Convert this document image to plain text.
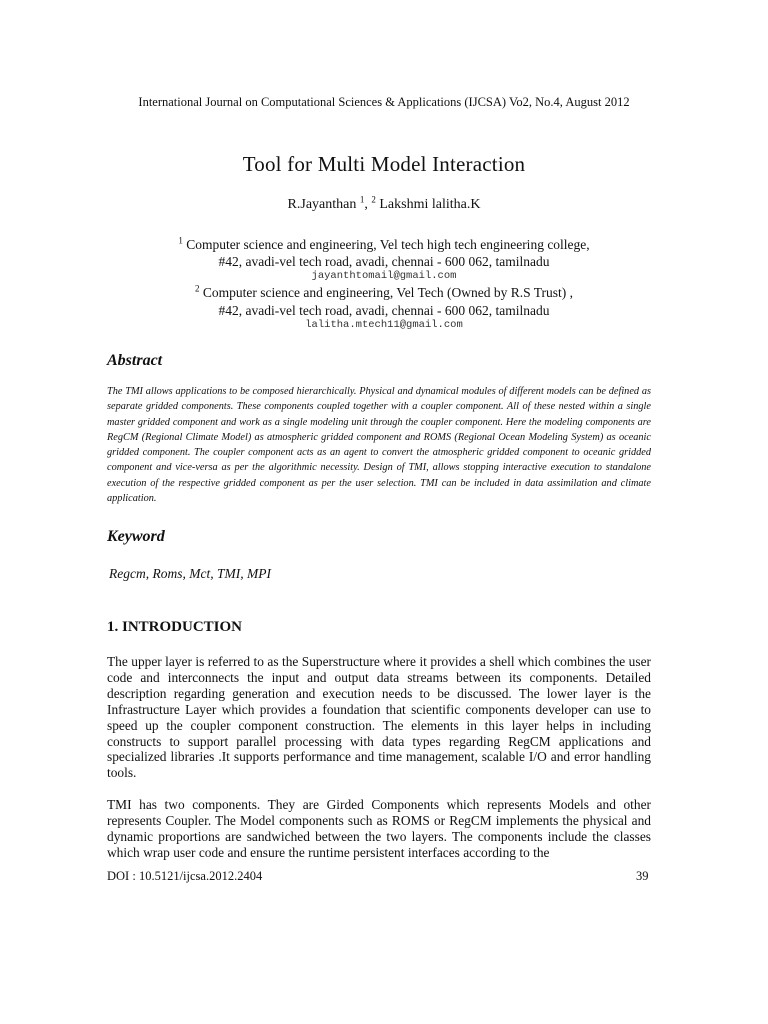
International Journal on Computational Sciences & Applications (IJCSA) Vo2, No.4, August 2012
Tool for Multi Model Interaction
R.Jayanthan $^1$, $^2$ Lakshmi lalitha.K
$^1$ Computer science and engineering, Vel tech high tech engineering college,
#42, avadi-vel tech road, avadi, chennai - 600 062, tamilnadu
jayanthtomail@gmail.com
$^2$ Computer science and engineering, Vel Tech (Owned by R.S Trust) ,
#42, avadi-vel tech road, avadi, chennai - 600 062, tamilnadu
lalitha.mtech11@gmail.com
Abstract
The TMI allows applications to be composed hierarchically. Physical and dynamical modules of different models can be defined as separate gridded components. These components coupled together with a coupler component. All of these nested within a single master gridded component and work as a single modeling unit through the coupler component. Here the modeling components are RegCM (Regional Climate Model) as atmospheric gridded component and ROMS (Regional Ocean Modeling System) as oceanic gridded component. The coupler component acts as an agent to convert the atmospheric gridded component to oceanic gridded component and vice-versa as per the algorithmic necessity. Design of TMI, allows stopping interactive execution to standalone execution of the respective gridded component as per the user selection. TMI can be included in data assimilation and climate application.
Keyword
Regcm, Roms, Mct, TMI, MPI
1. INTRODUCTION
The upper layer is referred to as the Superstructure where it provides a shell which combines the user code and interconnects the input and output data streams between its components. Detailed description regarding generation and execution needs to be discussed. The lower layer is the Infrastructure Layer which provides a foundation that scientific components developer can use to speed up the coupler component construction. The elements in this layer helps in including constructs to support parallel processing with data types regarding RegCM applications and specialized libraries .It supports performance and time management, scalable I/O and error handling tools.
TMI has two components. They are Girded Components which represents Models and other represents Coupler. The Model components such as ROMS or RegCM implements the physical and dynamic proportions are sandwiched between the two layers. The components include the classes which wrap user code and ensure the runtime persistent interfaces according to the
DOI : 10.5121/ijcsa.2012.2404	39
